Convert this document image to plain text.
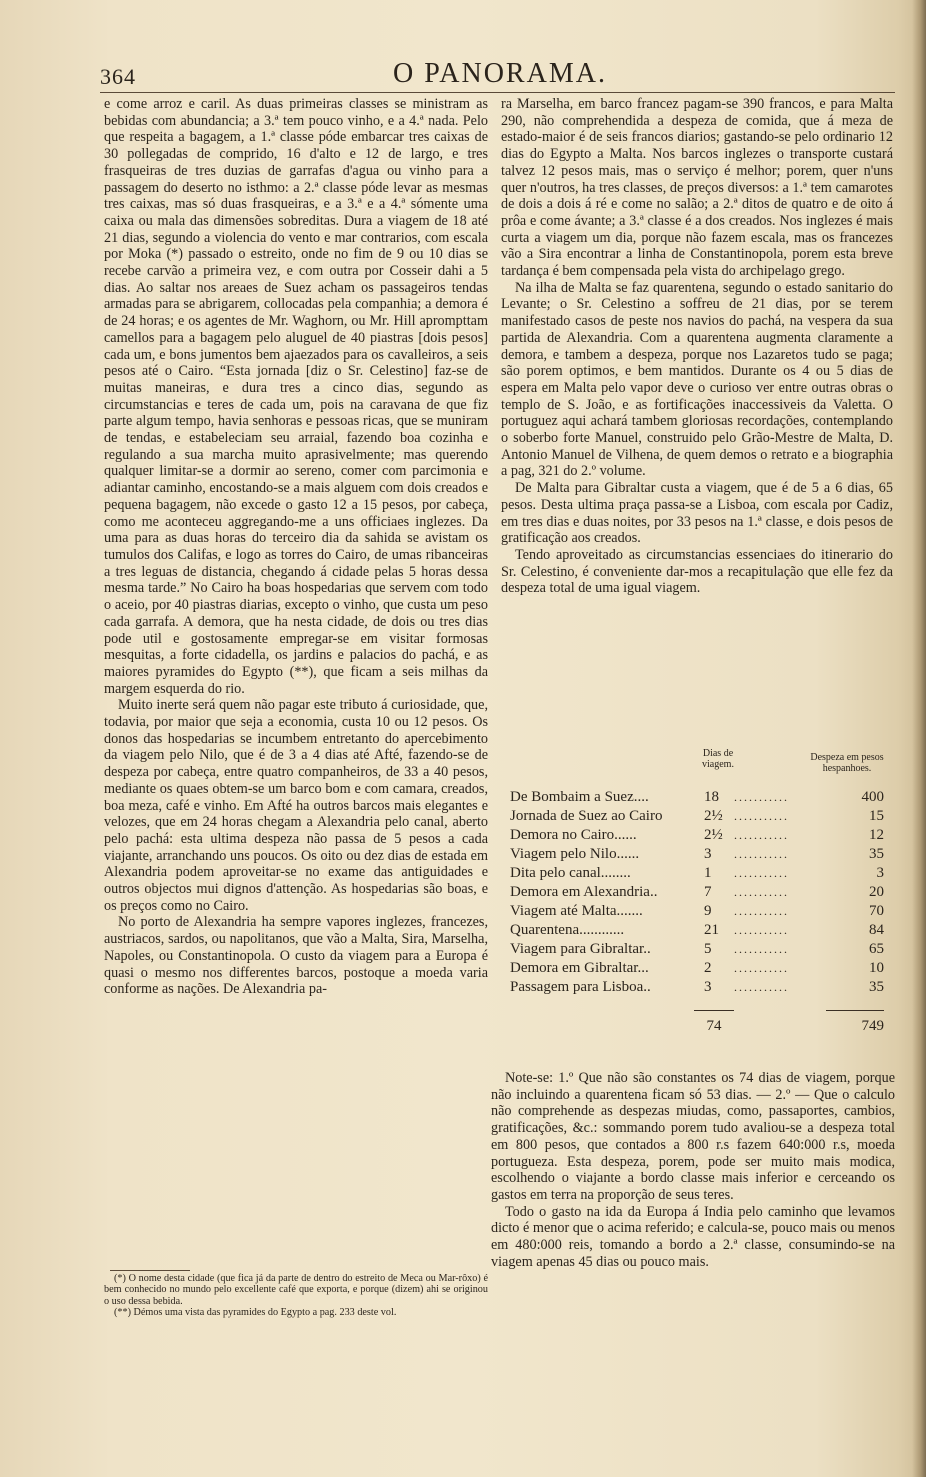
364	O PANORAMA.

e come arroz e caril. As duas primeiras classes se ministram as bebidas com abundancia; a 3.ª tem pouco vinho, e a 4.ª nada. Pelo que respeita a bagagem, a 1.ª classe póde embarcar tres caixas de 30 pollegadas de comprido, 16 d'alto e 12 de largo, e tres frasqueiras de tres duzias de garrafas d'agua ou vinho para a passagem do deserto no isthmo: a 2.ª classe póde levar as mesmas tres caixas, mas só duas frasqueiras, e a 3.ª e a 4.ª sómente uma caixa ou mala das dimensões sobreditas. Dura a viagem de 18 até 21 dias, segundo a violencia do vento e mar contrarios, com escala por Moka (*) passado o estreito, onde no fim de 9 ou 10 dias se recebe carvão a primeira vez, e com outra por Cosseir dahi a 5 dias. Ao saltar nos areaes de Suez acham os passageiros tendas armadas para se abrigarem, collocadas pela companhia; a demora é de 24 horas; e os agentes de Mr. Waghorn, ou Mr. Hill aprompttam camellos para a bagagem pelo aluguel de 40 piastras [dois pesos] cada um, e bons jumentos bem ajaezados para os cavalleiros, a seis pesos até o Cairo. “Esta jornada [diz o Sr. Celestino] faz-se de muitas maneiras, e dura tres a cinco dias, segundo as circumstancias e teres de cada um, pois na caravana de que fiz parte algum tempo, havia senhoras e pessoas ricas, que se muniram de tendas, e estabeleciam seu arraial, fazendo boa cozinha e regulando a sua marcha muito aprasivelmente; mas querendo qualquer limitar-se a dormir ao sereno, comer com parcimonia e adiantar caminho, encostando-se a mais alguem com dois creados e pequena bagagem, não excede o gasto 12 a 15 pesos, por cabeça, como me aconteceu aggregando-me a uns officiaes inglezes. Da uma para as duas horas do terceiro dia da sahida se avistam os tumulos dos Califas, e logo as torres do Cairo, de umas ribanceiras a tres leguas de distancia, chegando á cidade pelas 5 horas dessa mesma tarde.” No Cairo ha boas hospedarias que servem com todo o aceio, por 40 piastras diarias, excepto o vinho, que custa um peso cada garrafa. A demora, que ha nesta cidade, de dois ou tres dias pode util e gostosamente empregar-se em visitar formosas mesquitas, a forte cidadella, os jardins e palacios do pachá, e as maiores pyramides do Egypto (**), que ficam a seis milhas da margem esquerda do rio.

Muito inerte será quem não pagar este tributo á curiosidade, que, todavia, por maior que seja a economia, custa 10 ou 12 pesos. Os donos das hospedarias se incumbem entretanto do apercebimento da viagem pelo Nilo, que é de 3 a 4 dias até Afté, fazendo-se de despeza por cabeça, entre quatro companheiros, de 33 a 40 pesos, mediante os quaes obtem-se um barco bom e com camara, creados, boa meza, café e vinho. Em Afté ha outros barcos mais elegantes e velozes, que em 24 horas chegam a Alexandria pelo canal, aberto pelo pachá: esta ultima despeza não passa de 5 pesos a cada viajante, arranchando uns poucos. Os oito ou dez dias de estada em Alexandria podem aproveitar-se no exame das antiguidades e outros objectos mui dignos d'attenção. As hospedarias são boas, e os preços como no Cairo.

No porto de Alexandria ha sempre vapores inglezes, francezes, austriacos, sardos, ou napolitanos, que vão a Malta, Sira, Marselha, Napoles, ou Constantinopola. O custo da viagem para a Europa é quasi o mesmo nos differentes barcos, postoque a moeda varia conforme as nações. De Alexandria pa-

(*) O nome desta cidade (que fica já da parte de dentro do estreito de Meca ou Mar-rôxo) é bem conhecido no mundo pelo excellente café que exporta, e porque (dizem) ahi se originou o uso dessa bebida.

(**) Démos uma vista das pyramides do Egypto a pag. 233 deste vol.

ra Marselha, em barco francez pagam-se 390 francos, e para Malta 290, não comprehendida a despeza de comida, que á meza de estado-maior é de seis francos diarios; gastando-se pelo ordinario 12 dias do Egypto a Malta. Nos barcos inglezes o transporte custará talvez 12 pesos mais, mas o serviço é melhor; porem, quer n'uns quer n'outros, ha tres classes, de preços diversos: a 1.ª tem camarotes de dois a dois á ré e come no salão; a 2.ª ditos de quatro e de oito á prôa e come ávante; a 3.ª classe é a dos creados. Nos inglezes é mais curta a viagem um dia, porque não fazem escala, mas os francezes vão a Sira encontrar a linha de Constantinopola, porem esta breve tardança é bem compensada pela vista do archipelago grego.

Na ilha de Malta se faz quarentena, segundo o estado sanitario do Levante; o Sr. Celestino a soffreu de 21 dias, por se terem manifestado casos de peste nos navios do pachá, na vespera da sua partida de Alexandria. Com a quarentena augmenta claramente a demora, e tambem a despeza, porque nos Lazaretos tudo se paga; são porem optimos, e bem mantidos. Durante os 4 ou 5 dias de espera em Malta pelo vapor deve o curioso ver entre outras obras o templo de S. João, e as fortificações inaccessiveis da Valetta. O portuguez aqui achará tambem gloriosas recordações, contemplando o soberbo forte Manuel, construido pelo Grão-Mestre de Malta, D. Antonio Manuel de Vilhena, de quem demos o retrato e a biographia a pag, 321 do 2.º volume.

De Malta para Gibraltar custa a viagem, que é de 5 a 6 dias, 65 pesos. Desta ultima praça passa-se a Lisboa, com escala por Cadiz, em tres dias e duas noites, por 33 pesos na 1.ª classe, e dois pesos de gratificação aos creados.

Tendo aproveitado as circumstancias essenciaes do itinerario do Sr. Celestino, é conveniente dar-mos a recapitulação que elle fez da despeza total de uma igual viagem.

Dias de viagem.
Despeza em pesos hespanhoes.
De Bombaim a Suez....	18	...........	400
Jornada de Suez ao Cairo	2½ ...........	15
Demora no Cairo......	2½ ...........	12
Viagem pelo Nilo......	3	...........	35
Dita pelo canal........	1	...........	3
Demora em Alexandria..	7	...........	20
Viagem até Malta.......	9	...........	70
Quarentena............	21	...........	84
Viagem para Gibraltar..	5	...........	65
Demora em Gibraltar...	2	...........	10
Passagem para Lisboa..	3	...........	35
74	749

Note-se: 1.º Que não são constantes os 74 dias de viagem, porque não incluindo a quarentena ficam só 53 dias. — 2.º — Que o calculo não comprehende as despezas miudas, como, passaportes, cambios, gratificações, &c.: sommando porem tudo avaliou-se a despeza total em 800 pesos, que contados a 800 r.s fazem 640:000 r.s, moeda portugueza. Esta despeza, porem, pode ser muito mais modica, escolhendo o viajante a bordo classe mais inferior e cerceando os gastos em terra na proporção de seus teres.

Todo o gasto na ida da Europa á India pelo caminho que levamos dicto é menor que o acima referido; e calcula-se, pouco mais ou menos em 480:000 reis, tomando a bordo a 2.ª classe, consumindo-se na viagem apenas 45 dias ou pouco mais.
